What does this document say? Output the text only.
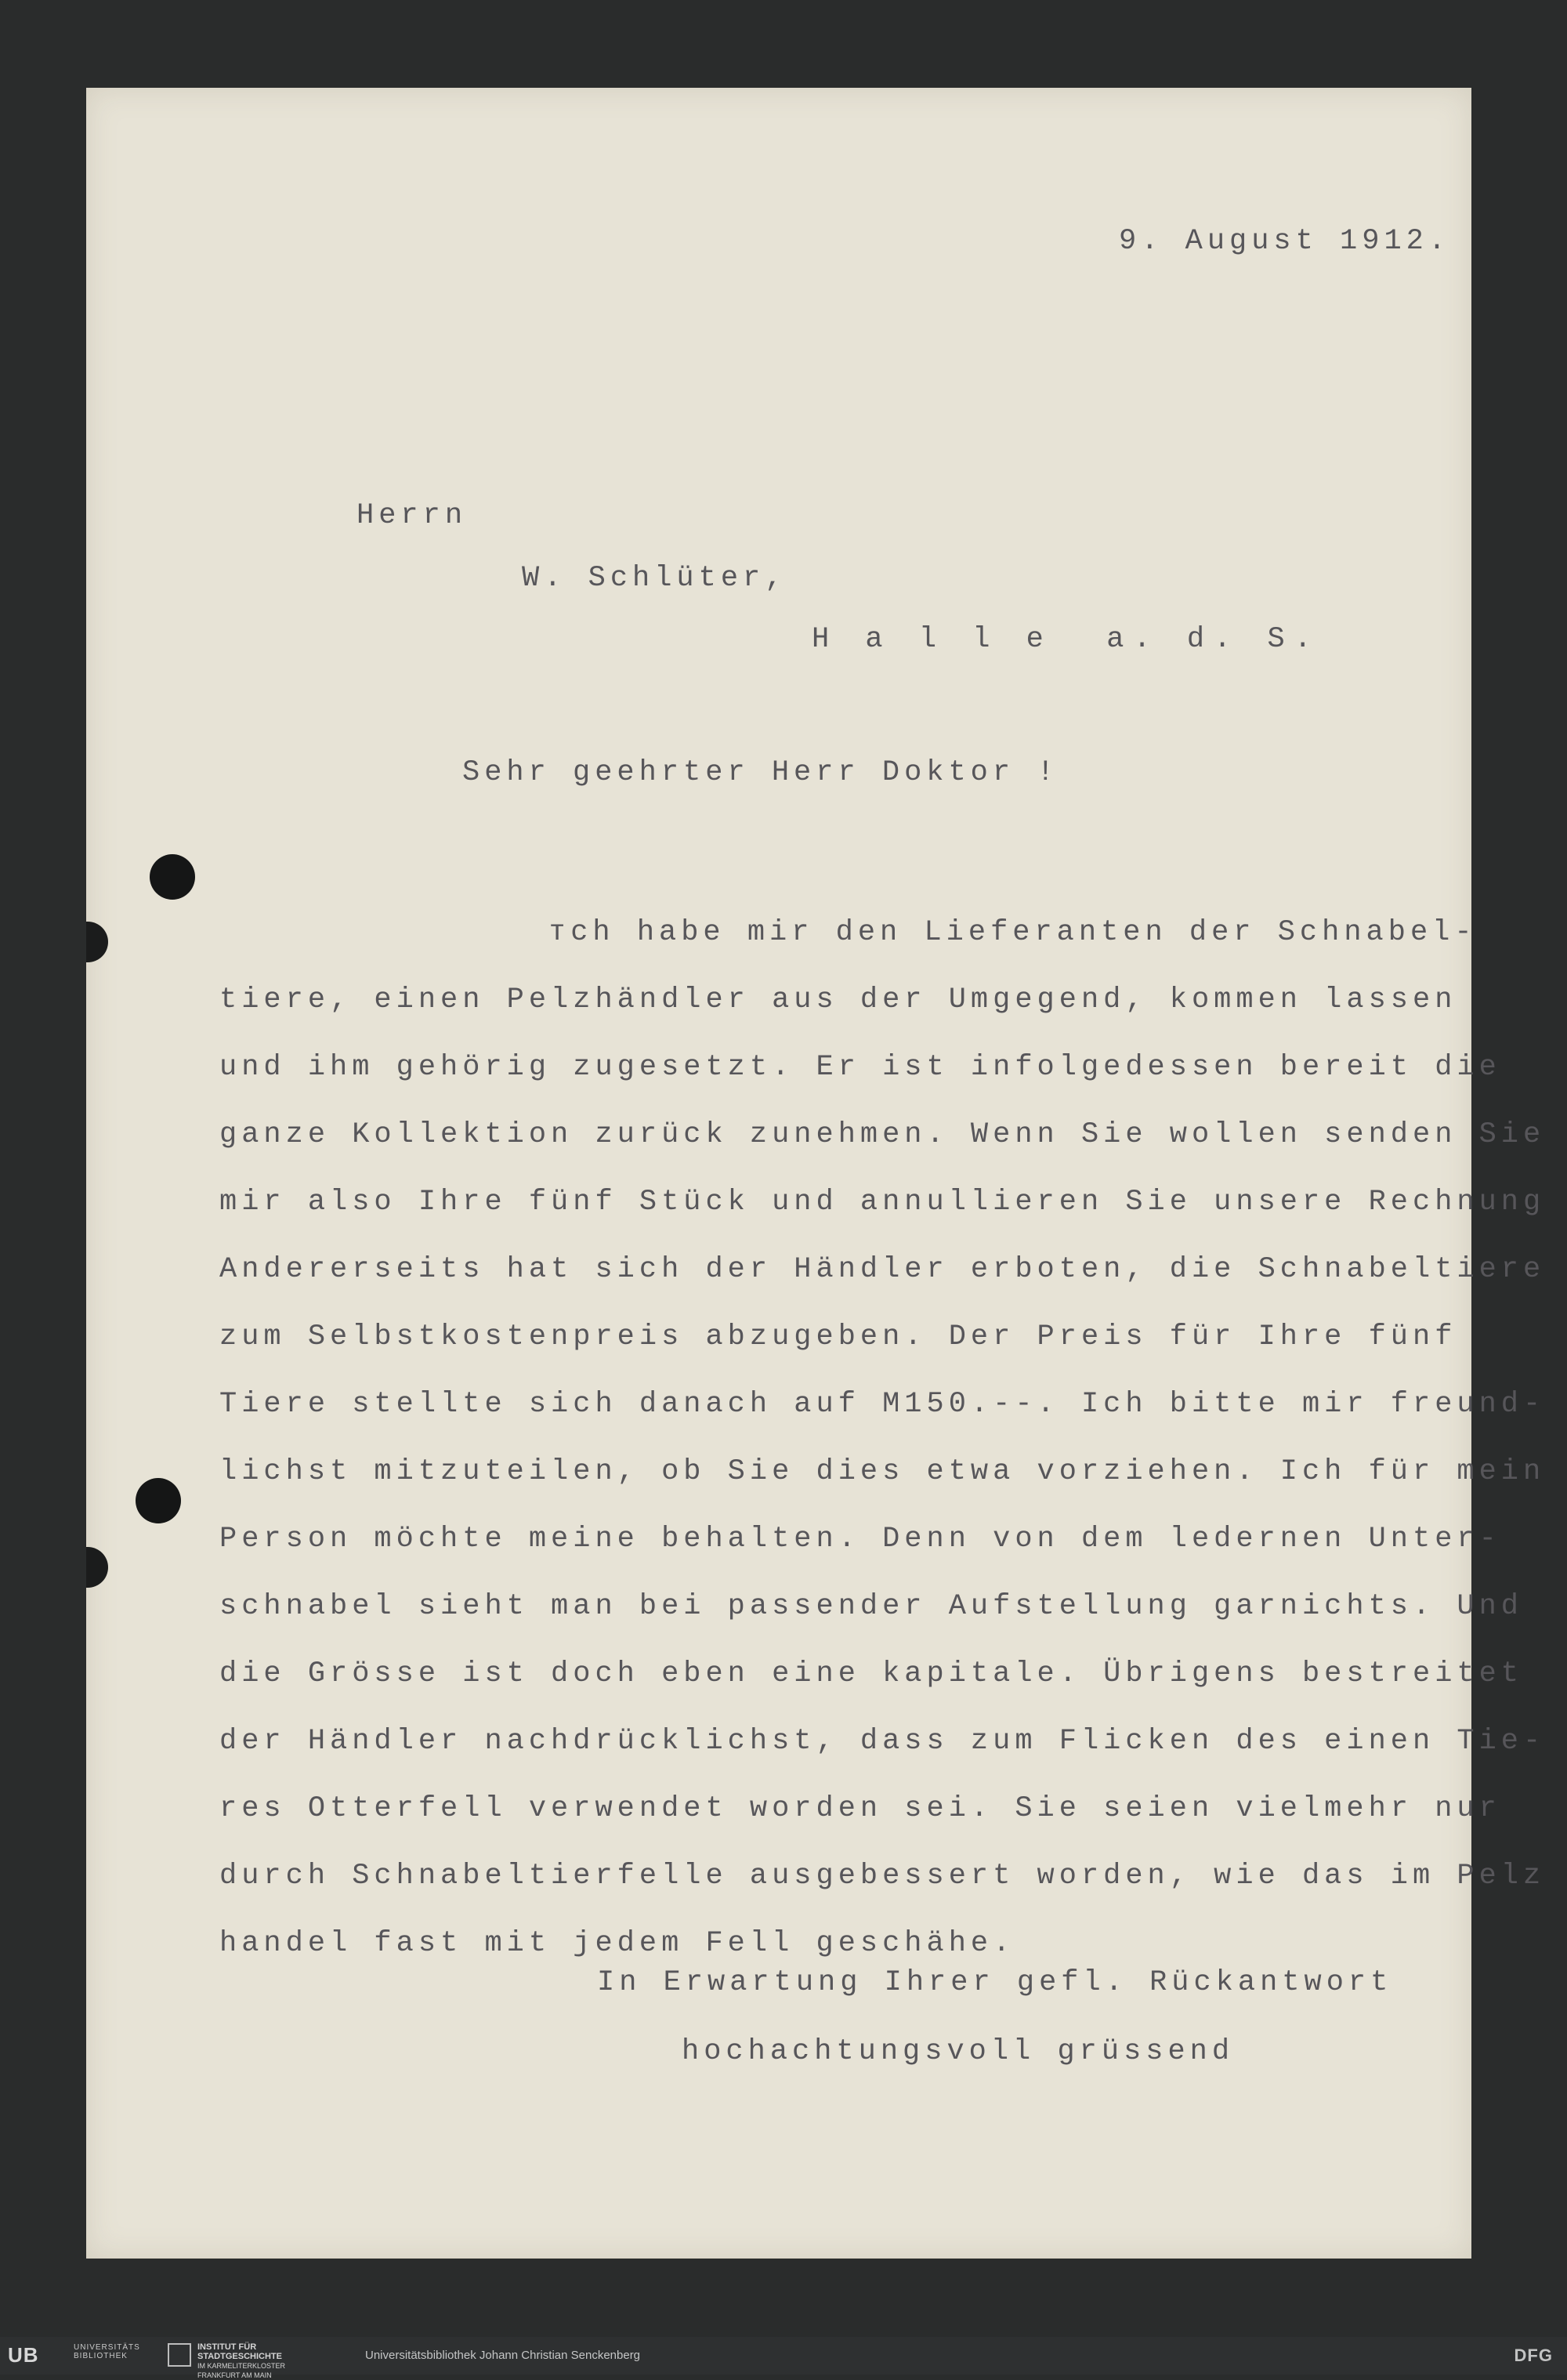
9. August 1912.
Herrn
W. Schlüter,
H a l l e  a. d. S.
Sehr geehrter Herr Doktor !
ᴛch habe mir den Lieferanten der Schnabel-
tiere, einen Pelzhändler aus der Umgegend, kommen lassen
und ihm gehörig zugesetzt. Er ist infolgedessen bereit die
ganze Kollektion zurück zunehmen. Wenn Sie wollen senden Sie
mir also Ihre fünf Stück und annullieren Sie unsere Rechnung
Andererseits hat sich der Händler erboten, die Schnabeltiere
zum Selbstkostenpreis abzugeben. Der Preis für Ihre fünf
Tiere stellte sich danach auf M150.--. Ich bitte mir freund-
lichst mitzuteilen, ob Sie dies etwa vorziehen. Ich für mein
Person möchte meine behalten. Denn von dem ledernen Unter-
schnabel sieht man bei passender Aufstellung garnichts. Und
die Grösse ist doch eben eine kapitale. Übrigens bestreitet
der Händler nachdrücklichst, dass zum Flicken des einen Tie-
res Otterfell verwendet worden sei. Sie seien vielmehr nur
durch Schnabeltierfelle ausgebessert worden, wie das im Pelz
handel fast mit jedem Fell geschähe.
In Erwartung Ihrer gefl. Rückantwort
hochachtungsvoll grüssend
UB	UNIVERSITÄTS
BIBLIOTHEK
INSTITUT FÜR
STADTGESCHICHTE
IM KARMELITERKLOSTER
FRANKFURT AM MAIN
Universitätsbibliothek Johann Christian Senckenberg	DFG
